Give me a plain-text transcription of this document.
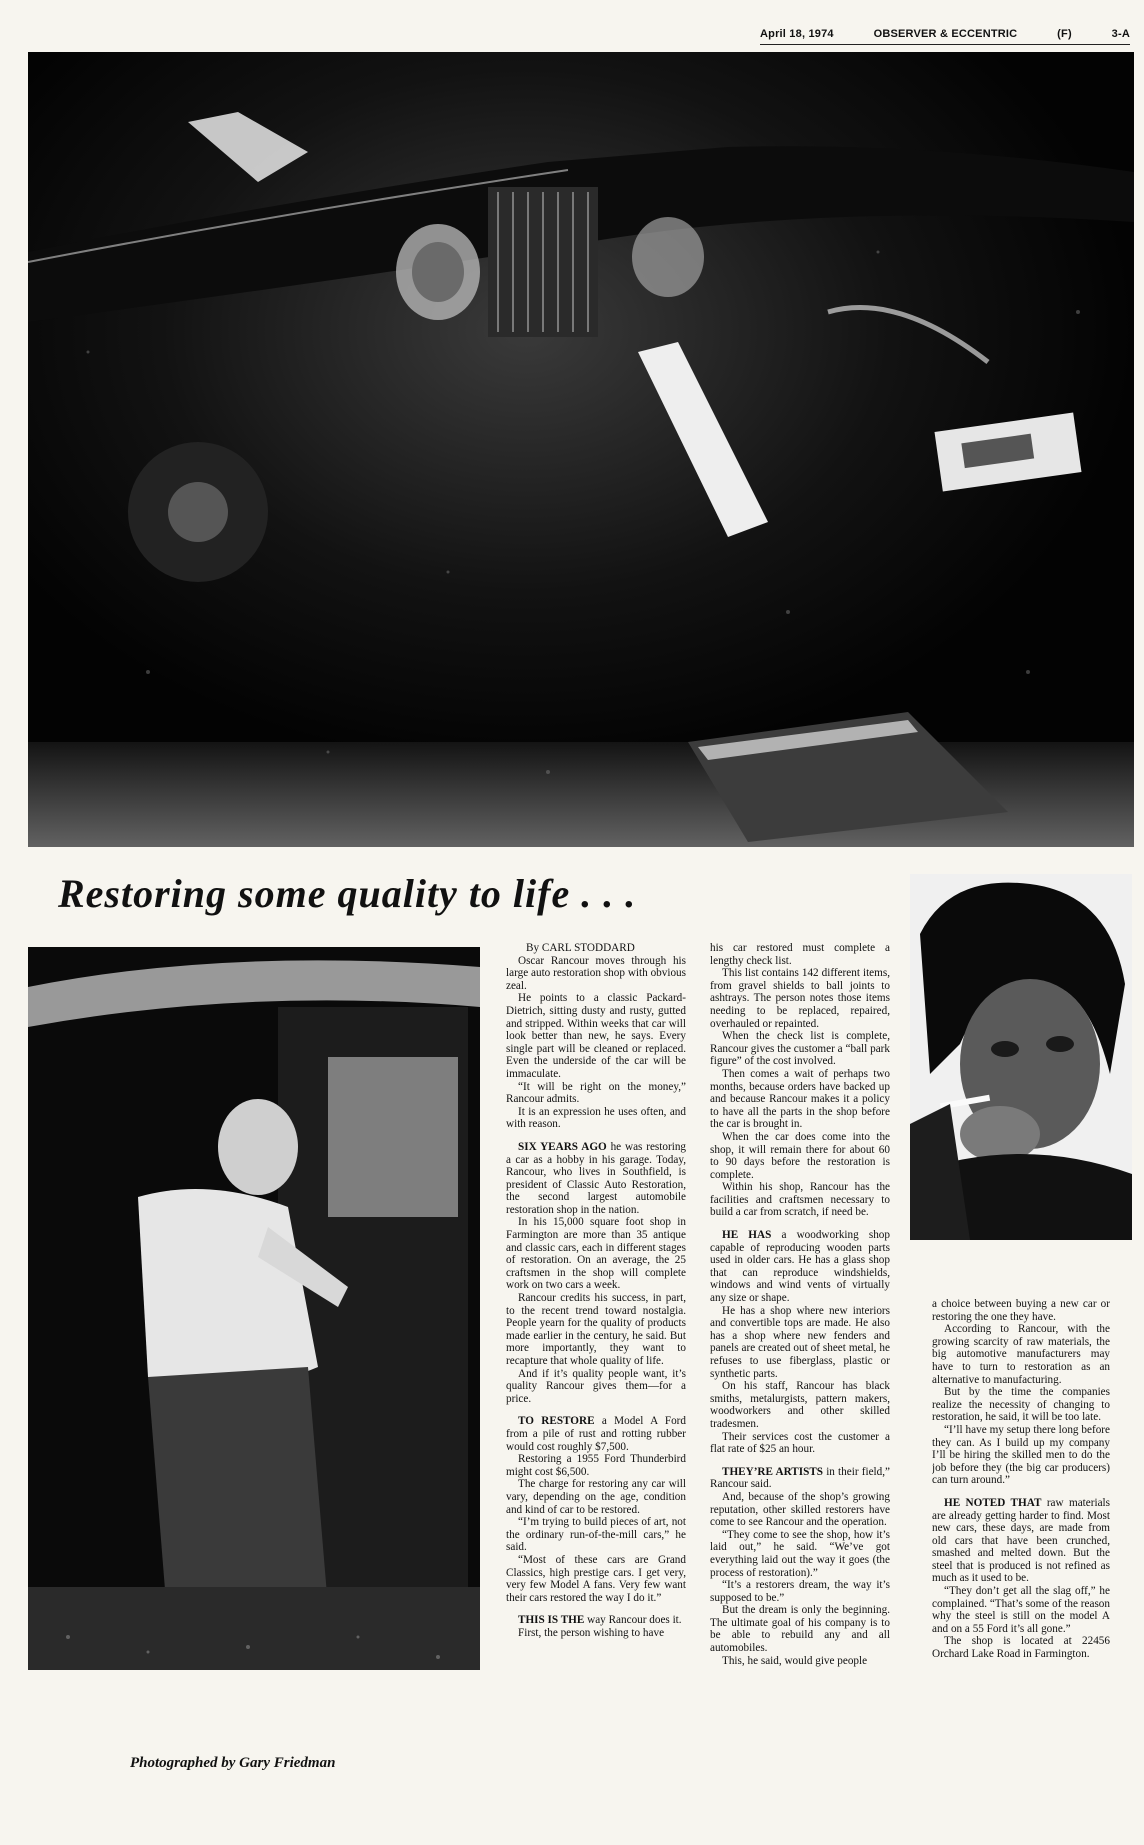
April 18, 1974	OBSERVER & ECCENTRIC	(F)	3-A
Restoring some quality to life . . .

By CARL STODDARD

Oscar Rancour moves through his large auto restoration shop with obvious zeal.

He points to a classic Packard-Dietrich, sitting dusty and rusty, gutted and stripped. Within weeks that car will look better than new, he says. Every single part will be cleaned or replaced. Even the underside of the car will be immaculate.

“It will be right on the money,” Rancour admits.

It is an expression he uses often, and with reason.

SIX YEARS AGO he was restoring a car as a hobby in his garage. Today, Rancour, who lives in Southfield, is president of Classic Auto Restoration, the second largest automobile restoration shop in the nation.

In his 15,000 square foot shop in Farmington are more than 35 antique and classic cars, each in different stages of restoration. On an average, the 25 craftsmen in the shop will complete work on two cars a week.

Rancour credits his success, in part, to the recent trend toward nostalgia. People yearn for the quality of products made earlier in the century, he said. But more importantly, they want to recapture that whole quality of life.

And if it’s quality people want, it’s quality Rancour gives them—for a price.

TO RESTORE a Model A Ford from a pile of rust and rotting rubber would cost roughly $7,500.

Restoring a 1955 Ford Thunderbird might cost $6,500.

The charge for restoring any car will vary, depending on the age, condition and kind of car to be restored.

“I’m trying to build pieces of art, not the ordinary run-of-the-mill cars,” he said.

“Most of these cars are Grand Classics, high prestige cars. I get very, very few Model A fans. Very few want their cars restored the way I do it.”

THIS IS THE way Rancour does it.

First, the person wishing to have

his car restored must complete a lengthy check list.

This list contains 142 different items, from gravel shields to ball joints to ashtrays. The person notes those items needing to be replaced, repaired, overhauled or repainted.

When the check list is complete, Rancour gives the customer a “ball park figure” of the cost involved.

Then comes a wait of perhaps two months, because orders have backed up and because Rancour makes it a policy to have all the parts in the shop before the car is brought in.

When the car does come into the shop, it will remain there for about 60 to 90 days before the restoration is complete.

Within his shop, Rancour has the facilities and craftsmen necessary to build a car from scratch, if need be.

HE HAS a woodworking shop capable of reproducing wooden parts used in older cars. He has a glass shop that can reproduce windshields, windows and wind vents of virtually any size or shape.

He has a shop where new interiors and convertible tops are made. He also has a shop where new fenders and panels are created out of sheet metal, he refuses to use fiberglass, plastic or synthetic parts.

On his staff, Rancour has black smiths, metalurgists, pattern makers, woodworkers and other skilled tradesmen.

Their services cost the customer a flat rate of $25 an hour.

THEY’RE ARTISTS in their field,” Rancour said.

And, because of the shop’s growing reputation, other skilled restorers have come to see Rancour and the operation.

“They come to see the shop, how it’s laid out,” he said. “We’ve got everything laid out the way it goes (the process of restoration).”

“It’s a restorers dream, the way it’s supposed to be.”

But the dream is only the beginning. The ultimate goal of his company is to be able to rebuild any and all automobiles.

This, he said, would give people

a choice between buying a new car or restoring the one they have.

According to Rancour, with the growing scarcity of raw materials, the big automotive manufacturers may have to turn to restoration as an alternative to manufacturing.

But by the time the companies realize the necessity of changing to restoration, he said, it will be too late.

“I’ll have my setup there long before they can. As I build up my company I’ll be hiring the skilled men to do the job before they (the big car producers) can turn around.”

HE NOTED THAT raw materials are already getting harder to find. Most new cars, these days, are made from old cars that have been crunched, smashed and melted down. But the steel that is produced is not refined as much as it used to be.

“They don’t get all the slag off,” he complained. “That’s some of the reason why the steel is still on the model A and on a 55 Ford it’s all gone.”

The shop is located at 22456 Orchard Lake Road in Farmington.

Photographed by Gary Friedman
